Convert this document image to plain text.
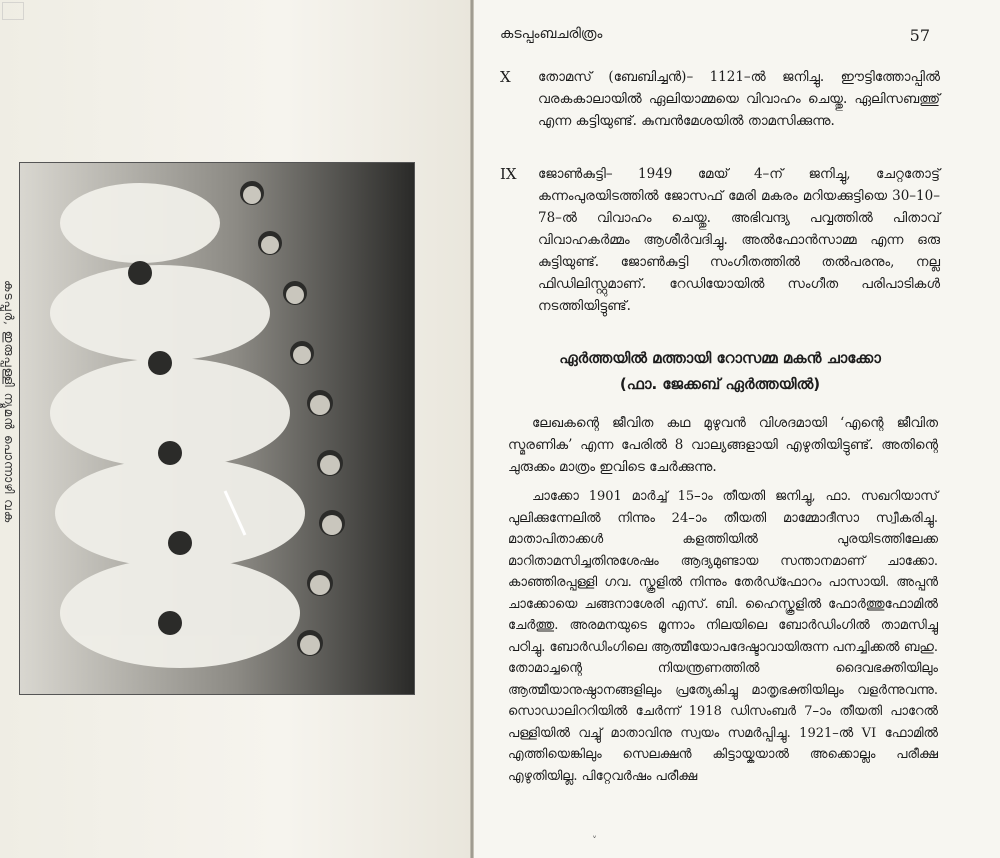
കടപ്പൂർ, ഇരുപ്പള്ളി ന്യൂമൻ പൊന്നാഴി വക
കടപ്പംബചരിത്രം	57
X തോമസ് (ബേബിച്ചൻ)– 1121–ൽ ജനിച്ചു. ഈട്ടിത്തോപ്പിൽ വരകകാലായിൽ ഏലിയാമ്മയെ വിവാഹം ചെയ്തു. ഏലിസബത്തു് എന്ന കട്ടിയുണ്ട്. കുമ്പൻമേശയിൽ താമസിക്കുന്നു.
IX ജോൺകുട്ടി– 1949 മേയ് 4–ന് ജനിച്ചു, ചേറ്റതോട്ട് കന്നംപുരയിടത്തിൽ ജോസഫ് മേരി മകരം മറിയക്കുട്ടിയെ 30–10–78–ൽ വിവാഹം ചെയ്തു. അഭിവന്ദ്യ പവ്വത്തിൽ പിതാവ് വിവാഹകർമ്മം ആശീർവദിച്ചു. അൽഫോൻസാമ്മ എന്ന ഒരു കുട്ടിയുണ്ട്. ജോൺകുട്ടി സംഗീതത്തിൽ തൽപരനും, നല്ല ഫിഡിലിസ്റ്റുമാണ്. റേഡിയോയിൽ സംഗീത പരിപാടികൾ നടത്തിയിട്ടുണ്ട്.
ഏർത്തയിൽ മത്തായി റോസമ്മ മകൻ ചാക്കോ
(ഫാ. ജേക്കബ് ഏർത്തയിൽ)
ലേഖകന്റെ ജീവിത കഥ മുഴുവൻ വിശദമായി ‘എന്റെ ജീവിത സ്മരണിക’ എന്ന പേരിൽ 8 വാല്യങ്ങളായി എഴുതിയിട്ടുണ്ട്. അതിന്റെ ചുരുക്കം മാത്രം ഇവിടെ ചേർക്കുന്നു.
ചാക്കോ 1901 മാർച്ച് 15–ാം തീയതി ജനിച്ചു, ഫാ. സഖറിയാസ് പുലിക്കുന്നേലിൽ നിന്നും 24–ാം തീയതി മാമ്മോദീസാ സ്വീകരിച്ചു. മാതാപിതാക്കൾ കളത്തിയിൽ പുരയിടത്തിലേക്ക മാറിതാമസിച്ചതിനുശേഷം ആദ്യമുണ്ടായ സന്താനമാണ് ചാക്കോ. കാഞ്ഞിരപ്പള്ളി ഗവ. സ്കൂളിൽ നിന്നും തേർഡ്ഫോറം പാസായി. അപ്പൻ ചാക്കോയെ ചങ്ങനാശേരി എസ്. ബി. ഹൈസ്കൂളിൽ ഫോർത്തുഫോമിൽ ചേർത്തു. അരമനയുടെ മൂന്നാം നിലയിലെ ബോർഡിംഗിൽ താമസിച്ചു പഠിച്ചു. ബോർഡിംഗിലെ ആത്മീയോപദേഷ്ടാവായിരുന്ന പനച്ചിക്കൽ ബഹു. തോമാച്ചന്റെ നിയന്ത്രണത്തിൽ ദൈവഭക്തിയിലും ആത്മീയാനുഷ്ഠാനങ്ങളിലും പ്രത്യേകിച്ചു മാതൃഭക്തിയിലും വളർന്നുവന്നു. സൊഡാലിററിയിൽ ചേർന്ന് 1918 ഡിസംബർ 7–ാം തീയതി പാറേൽ പള്ളിയിൽ വച്ചു് മാതാവിനു സ്വയം സമർപ്പിച്ചു. 1921–ൽ VI ഫോമിൽ എത്തിയെങ്കിലും സെലക്ഷൻ കിട്ടായ്കയാൽ അക്കൊല്ലം പരീക്ഷ എഴുതിയില്ല. പിറ്റേവർഷം പരീക്ഷ
˅
